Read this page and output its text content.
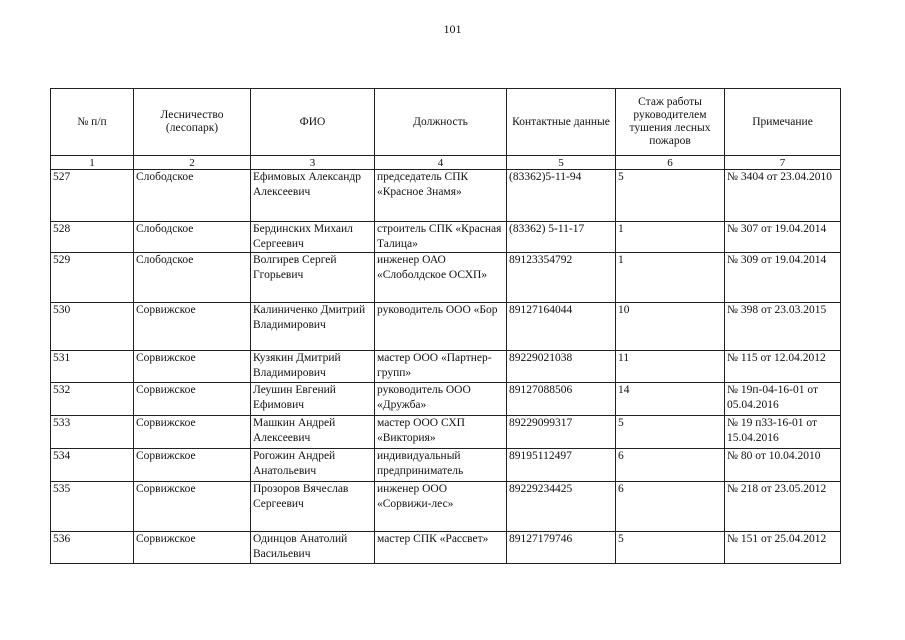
101
№ п/п	Лесничество (лесопарк)	ФИО	Должность	Контактные данные	Стаж работы руководителем тушения лесных пожаров	Примечание
1	2	3	4	5	6	7
527	Слободское	Ефимовых Александр Алексеевич	председатель СПК «Красное Знамя»	(83362)5-11-94	5	№ 3404 от 23.04.2010
528	Слободское	Бердинских Михаил Сергеевич	строитель СПК «Красная Талица»	(83362) 5-11-17	1	№ 307 от 19.04.2014
529	Слободское	Волгирев Сергей Ггорьевич	инженер ОАО «Слоболдское ОСХП»	89123354792	1	№ 309 от 19.04.2014
530	Сорвижское	Калиниченко Дмитрий Владимирович	руководитель ООО «Бор	89127164044	10	№ 398 от 23.03.2015
531	Сорвижское	Кузякин Дмитрий Владимирович	мастер ООО «Партнер-групп»	89229021038	11	№ 115 от 12.04.2012
532	Сорвижское	Леушин Евгений Ефимович	руководитель ООО «Дружба»	89127088506	14	№ 19п-04-16-01 от 05.04.2016
533	Сорвижское	Машкин Андрей Алексеевич	мастер ООО СХП «Виктория»	89229099317	5	№ 19 п33-16-01 от 15.04.2016
534	Сорвижское	Рогожин Андрей Анатольевич	индивидуальный предприниматель	89195112497	6	№ 80 от 10.04.2010
535	Сорвижское	Прозоров Вячеслав Сергеевич	инженер ООО «Сорвижи-лес»	89229234425	6	№ 218 от 23.05.2012
536	Сорвижское	Одинцов Анатолий Васильевич	мастер СПК «Рассвет»	89127179746	5	№ 151 от 25.04.2012
